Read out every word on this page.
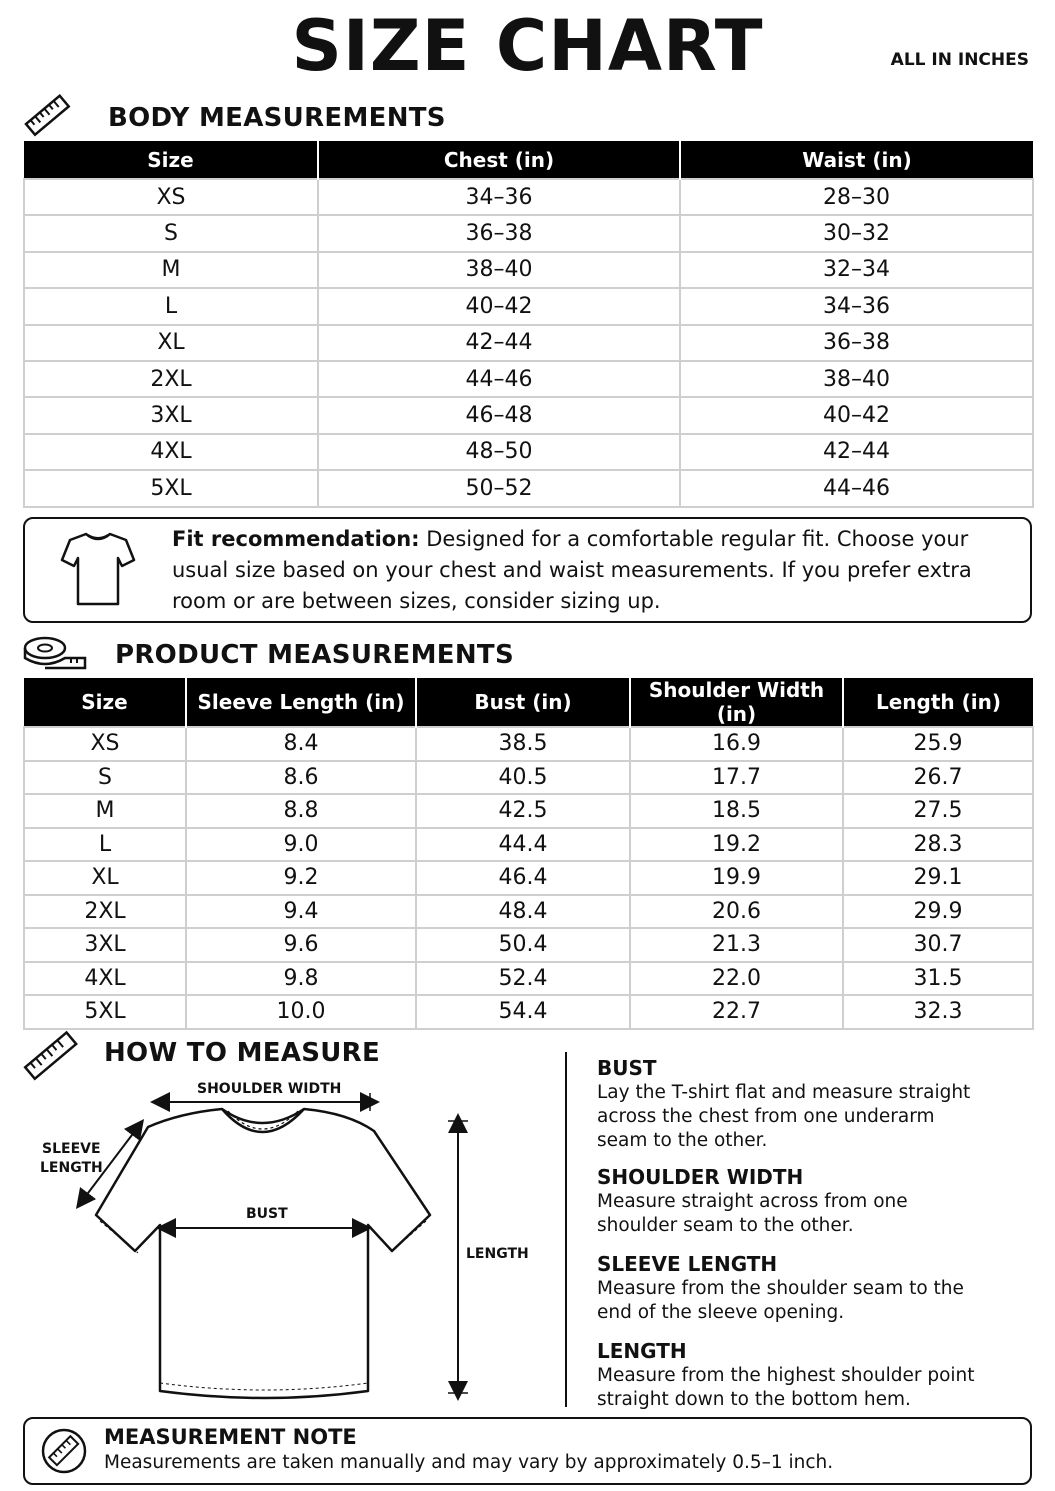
SIZE CHART	ALL IN INCHES
BODY MEASUREMENTS
Size	Chest (in)	Waist (in)
XS	34–36	28–30
S	36–38	30–32
M	38–40	32–34
L	40–42	34–36
XL	42–44	36–38
2XL	44–46	38–40
3XL	46–48	40–42
4XL	48–50	42–44
5XL	50–52	44–46
Fit recommendation: Designed for a comfortable regular fit. Choose your usual size based on your chest and waist measurements. If you prefer extra room or are between sizes, consider sizing up.
PRODUCT MEASUREMENTS
Size	Sleeve Length (in)	Bust (in)	Shoulder Width (in)	Length (in)
XS	8.4	38.5	16.9	25.9
S	8.6	40.5	17.7	26.7
M	8.8	42.5	18.5	27.5
L	9.0	44.4	19.2	28.3
XL	9.2	46.4	19.9	29.1
2XL	9.4	48.4	20.6	29.9
3XL	9.6	50.4	21.3	30.7
4XL	9.8	52.4	22.0	31.5
5XL	10.0	54.4	22.7	32.3
HOW TO MEASURE
SHOULDER WIDTH
SLEEVE
LENGTH
BUST
LENGTH
BUST
Lay the T-shirt flat and measure straight across the chest from one underarm seam to the other.
SHOULDER WIDTH
Measure straight across from one shoulder seam to the other.
SLEEVE LENGTH
Measure from the shoulder seam to the end of the sleeve opening.
LENGTH
Measure from the highest shoulder point straight down to the bottom hem.
MEASUREMENT NOTE
Measurements are taken manually and may vary by approximately 0.5–1 inch.
